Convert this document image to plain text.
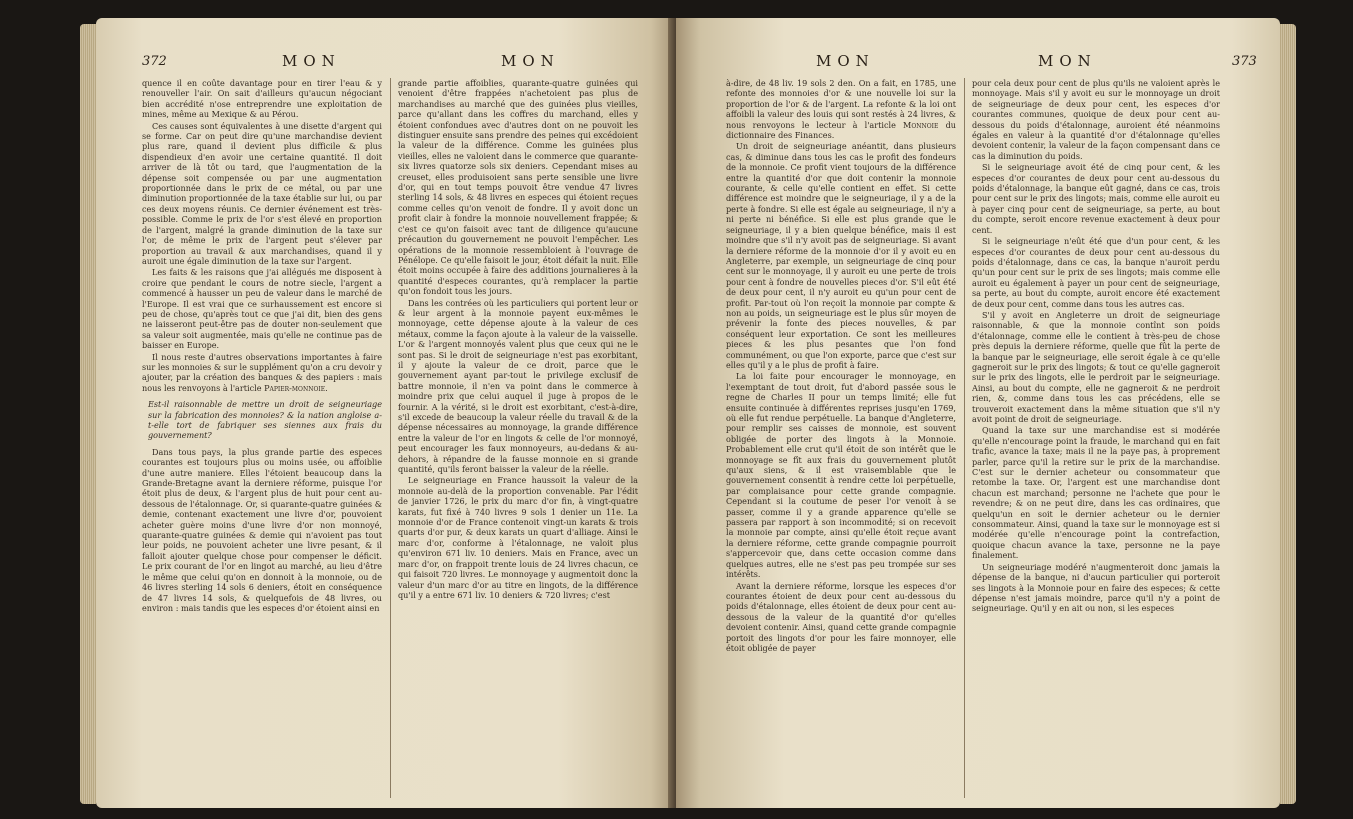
372	MON	MON

quence il en coûte davantage pour en tirer l'eau & y renouveller l'air. On sait d'ailleurs qu'aucun négociant bien accrédité n'ose entreprendre une exploitation de mines, même au Mexique & au Pérou.

Ces causes sont équivalentes à une disette d'argent qui se forme. Car on peut dire qu'une marchandise devient plus rare, quand il devient plus difficile & plus dispendieux d'en avoir une certaine quantité. Il doit arriver de là tôt ou tard, que l'augmentation de la dépense soit compensée ou par une augmentation proportionnée dans le prix de ce métal, ou par une diminution proportionnée de la taxe établie sur lui, ou par ces deux moyens réunis. Ce dernier événement est très-possible. Comme le prix de l'or s'est élevé en proportion de l'argent, malgré la grande diminution de la taxe sur l'or, de même le prix de l'argent peut s'élever par proportion au travail & aux marchandises, quand il y auroit une égale diminution de la taxe sur l'argent.

Les faits & les raisons que j'ai allégués me disposent à croire que pendant le cours de notre siecle, l'argent a commencé à hausser un peu de valeur dans le marché de l'Europe. Il est vrai que ce surhaussement est encore si peu de chose, qu'après tout ce que j'ai dit, bien des gens ne laisseront peut-être pas de douter non-seulement que sa valeur soit augmentée, mais qu'elle ne continue pas de baisser en Europe.

Il nous reste d'autres observations importantes à faire sur les monnoies & sur le supplément qu'on a cru devoir y ajouter, par la création des banques & des papiers : mais nous les renvoyons à l'article Papier-monnoie.

Est-il raisonnable de mettre un droit de seigneuriage sur la fabrication des monnoies? & la nation angloise a-t-elle tort de fabriquer ses siennes aux frais du gouvernement?

Dans tous pays, la plus grande partie des especes courantes est toujours plus ou moins usée, ou affoiblie d'une autre maniere. Elles l'étoient beaucoup dans la Grande-Bretagne avant la derniere réforme, puisque l'or étoit plus de deux, & l'argent plus de huit pour cent au-dessous de l'étalonnage. Or, si quarante-quatre guinées & demie, contenant exactement une livre d'or, pouvoient acheter guère moins d'une livre d'or non monnoyé, quarante-quatre guinées & demie qui n'avoient pas tout leur poids, ne pouvoient acheter une livre pesant, & il falloit ajouter quelque chose pour compenser le déficit. Le prix courant de l'or en lingot au marché, au lieu d'être le même que celui qu'on en donnoit à la monnoie, ou de 46 livres sterling 14 sols 6 deniers, étoit en conséquence de 47 livres 14 sols, & quelquefois de 48 livres, ou environ : mais tandis que les especes d'or étoient ainsi en

grande partie affoiblies, quarante-quatre guinées qui venoient d'être frappées n'achetoient pas plus de marchandises au marché que des guinées plus vieilles, parce qu'allant dans les coffres du marchand, elles y étoient confondues avec d'autres dont on ne pouvoit les distinguer ensuite sans prendre des peines qui excédoient la valeur de la différence. Comme les guinées plus vieilles, elles ne valoient dans le commerce que quarante-six livres quatorze sols six deniers. Cependant mises au creuset, elles produisoient sans perte sensible une livre d'or, qui en tout temps pouvoit être vendue 47 livres sterling 14 sols, & 48 livres en especes qui étoient reçues comme celles qu'on venoit de fondre. Il y avoit donc un profit clair à fondre la monnoie nouvellement frappée; & c'est ce qu'on faisoit avec tant de diligence qu'aucune précaution du gouvernement ne pouvoit l'empêcher. Les opérations de la monnoie ressembloient à l'ouvrage de Pénélope. Ce qu'elle faisoit le jour, étoit défait la nuit. Elle étoit moins occupée à faire des additions journalieres à la quantité d'especes courantes, qu'à remplacer la partie qu'on fondoit tous les jours.

Dans les contrées où les particuliers qui portent leur or & leur argent à la monnoie payent eux-mêmes le monnoyage, cette dépense ajoute à la valeur de ces métaux, comme la façon ajoute à la valeur de la vaisselle. L'or & l'argent monnoyés valent plus que ceux qui ne le sont pas. Si le droit de seigneuriage n'est pas exorbitant, il y ajoute la valeur de ce droit, parce que le gouvernement ayant par-tout le privilege exclusif de battre monnoie, il n'en va point dans le commerce à moindre prix que celui auquel il juge à propos de le fournir. A la vérité, si le droit est exorbitant, c'est-à-dire, s'il excede de beaucoup la valeur réelle du travail & de la dépense nécessaires au monnoyage, la grande différence entre la valeur de l'or en lingots & celle de l'or monnoyé, peut encourager les faux monnoyeurs, au-dedans & au-dehors, à répandre de la fausse monnoie en si grande quantité, qu'ils feront baisser la valeur de la réelle.

Le seigneuriage en France haussoit la valeur de la monnoie au-delà de la proportion convenable. Par l'édit de janvier 1726, le prix du marc d'or fin, à vingt-quatre karats, fut fixé à 740 livres 9 sols 1 denier un 11e. La monnoie d'or de France contenoit vingt-un karats & trois quarts d'or pur, & deux karats un quart d'alliage. Ainsi le marc d'or, conforme à l'étalonnage, ne valoit plus qu'environ 671 liv. 10 deniers. Mais en France, avec un marc d'or, on frappoit trente louis de 24 livres chacun, ce qui faisoit 720 livres. Le monnoyage y augmentoit donc la valeur d'un marc d'or au titre en lingots, de la différence qu'il y a entre 671 liv. 10 deniers & 720 livres; c'est

MON	MON	373

à-dire, de 48 liv. 19 sols 2 den. On a fait, en 1785, une refonte des monnoies d'or & une nouvelle loi sur la proportion de l'or & de l'argent. La refonte & la loi ont affoibli la valeur des louis qui sont restés à 24 livres, & nous renvoyons le lecteur à l'article Monnoie du dictionnaire des Finances.

Un droit de seigneuriage anéantit, dans plusieurs cas, & diminue dans tous les cas le profit des fondeurs de la monnoie. Ce profit vient toujours de la différence entre la quantité d'or que doit contenir la monnoie courante, & celle qu'elle contient en effet. Si cette différence est moindre que le seigneuriage, il y a de la perte à fondre. Si elle est égale au seigneuriage, il n'y a ni perte ni bénéfice. Si elle est plus grande que le seigneuriage, il y a bien quelque bénéfice, mais il est moindre que s'il n'y avoit pas de seigneuriage. Si avant la derniere réforme de la monnoie d'or il y avoit eu en Angleterre, par exemple, un seigneuriage de cinq pour cent sur le monnoyage, il y auroit eu une perte de trois pour cent à fondre de nouvelles pieces d'or. S'il eût été de deux pour cent, il n'y auroit eu qu'un pour cent de profit. Par-tout où l'on reçoit la monnoie par compte & non au poids, un seigneuriage est le plus sûr moyen de prévenir la fonte des pieces nouvelles, & par conséquent leur exportation. Ce sont les meilleures pieces & les plus pesantes que l'on fond communément, ou que l'on exporte, parce que c'est sur elles qu'il y a le plus de profit à faire.

La loi faite pour encourager le monnoyage, en l'exemptant de tout droit, fut d'abord passée sous le regne de Charles II pour un temps limité; elle fut ensuite continuée à différentes reprises jusqu'en 1769, où elle fut rendue perpétuelle. La banque d'Angleterre, pour remplir ses caisses de monnoie, est souvent obligée de porter des lingots à la Monnoie. Probablement elle crut qu'il étoit de son intérêt que le monnoyage se fît aux frais du gouvernement plutôt qu'aux siens, & il est vraisemblable que le gouvernement consentit à rendre cette loi perpétuelle, par complaisance pour cette grande compagnie. Cependant si la coutume de peser l'or venoit à se passer, comme il y a grande apparence qu'elle se passera par rapport à son incommodité; si on recevoit la monnoie par compte, ainsi qu'elle étoit reçue avant la derniere réforme, cette grande compagnie pourroit s'appercevoir que, dans cette occasion comme dans quelques autres, elle ne s'est pas peu trompée sur ses intérêts.

Avant la derniere réforme, lorsque les especes d'or courantes étoient de deux pour cent au-dessous du poids d'étalonnage, elles étoient de deux pour cent au-dessous de la valeur de la quantité d'or qu'elles devoient contenir. Ainsi, quand cette grande compagnie portoit des lingots d'or pour les faire monnoyer, elle étoit obligée de payer

pour cela deux pour cent de plus qu'ils ne valoient après le monnoyage. Mais s'il y avoit eu sur le monnoyage un droit de seigneuriage de deux pour cent, les especes d'or courantes communes, quoique de deux pour cent au-dessous du poids d'étalonnage, auroient été néanmoins égales en valeur à la quantité d'or d'étalonnage qu'elles devoient contenir, la valeur de la façon compensant dans ce cas la diminution du poids.

Si le seigneuriage avoit été de cinq pour cent, & les especes d'or courantes de deux pour cent au-dessous du poids d'étalonnage, la banque eût gagné, dans ce cas, trois pour cent sur le prix des lingots; mais, comme elle auroit eu à payer cinq pour cent de seigneuriage, sa perte, au bout du compte, seroit encore revenue exactement à deux pour cent.

Si le seigneuriage n'eût été que d'un pour cent, & les especes d'or courantes de deux pour cent au-dessous du poids d'étalonnage, dans ce cas, la banque n'auroit perdu qu'un pour cent sur le prix de ses lingots; mais comme elle auroit eu également à payer un pour cent de seigneuriage, sa perte, au bout du compte, auroit encore été exactement de deux pour cent, comme dans tous les autres cas.

S'il y avoit en Angleterre un droit de seigneuriage raisonnable, & que la monnoie contînt son poids d'étalonnage, comme elle le contient à très-peu de chose près depuis la derniere réforme, quelle que fût la perte de la banque par le seigneuriage, elle seroit égale à ce qu'elle gagneroit sur le prix des lingots; & tout ce qu'elle gagneroit sur le prix des lingots, elle le perdroit par le seigneuriage. Ainsi, au bout du compte, elle ne gagneroit & ne perdroit rien, &, comme dans tous les cas précédens, elle se trouveroit exactement dans la même situation que s'il n'y avoit point de droit de seigneuriage.

Quand la taxe sur une marchandise est si modérée qu'elle n'encourage point la fraude, le marchand qui en fait trafic, avance la taxe; mais il ne la paye pas, à proprement parler, parce qu'il la retire sur le prix de la marchandise. C'est sur le dernier acheteur ou consommateur que retombe la taxe. Or, l'argent est une marchandise dont chacun est marchand; personne ne l'achete que pour le revendre; & on ne peut dire, dans les cas ordinaires, que quelqu'un en soit le dernier acheteur ou le dernier consommateur. Ainsi, quand la taxe sur le monnoyage est si modérée qu'elle n'encourage point la contrefaction, quoique chacun avance la taxe, personne ne la paye finalement.

Un seigneuriage modéré n'augmenteroit donc jamais la dépense de la banque, ni d'aucun particulier qui porteroit ses lingots à la Monnoie pour en faire des especes; & cette dépense n'est jamais moindre, parce qu'il n'y a point de seigneuriage. Qu'il y en ait ou non, si les especes
